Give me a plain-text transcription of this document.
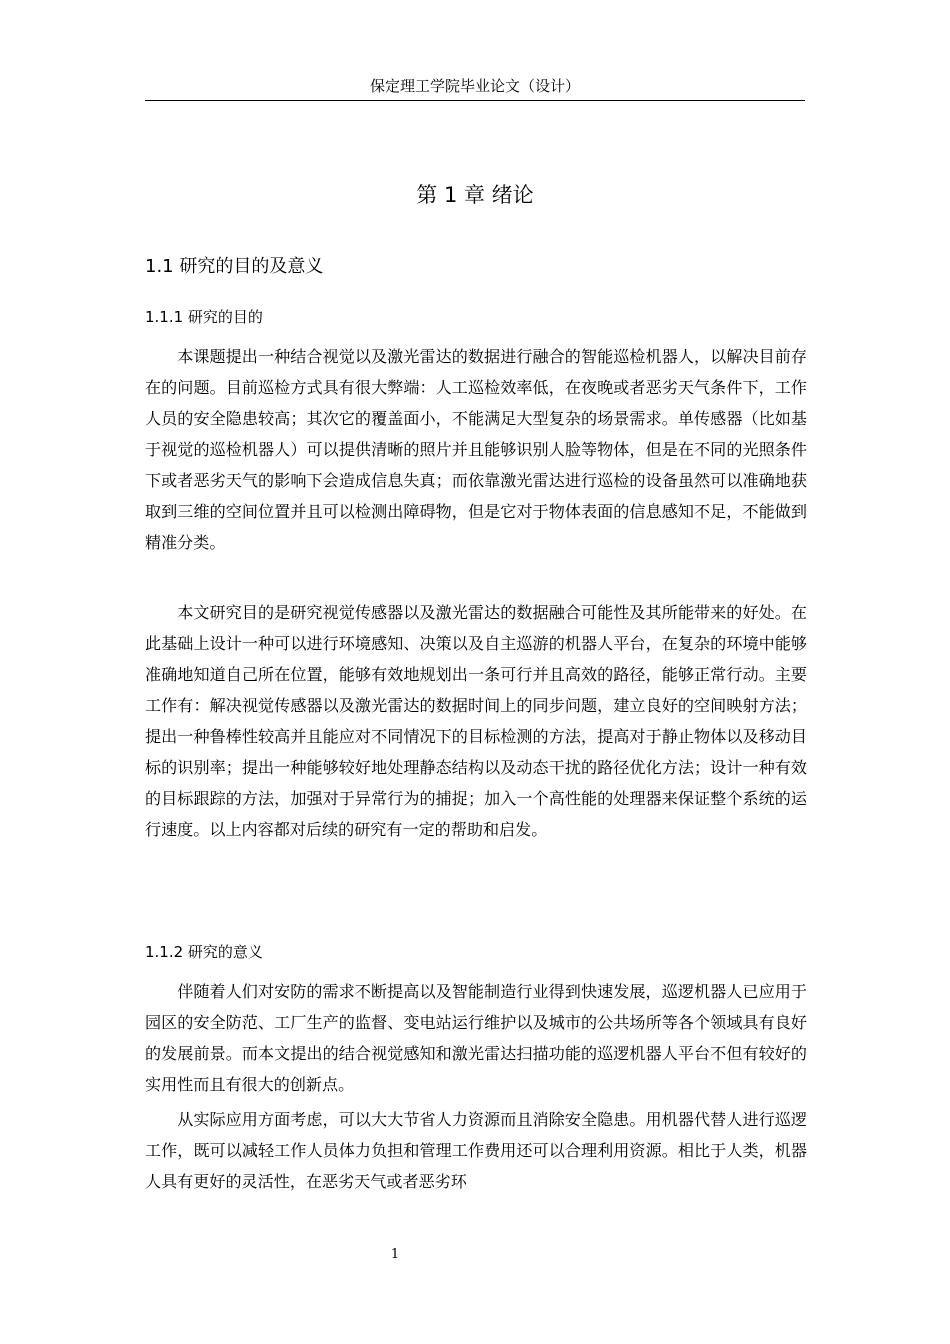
保定理工学院毕业论文（设计）
第 1 章 绪论
1.1 研究的目的及意义
1.1.1 研究的目的

本课题提出一种结合视觉以及激光雷达的数据进行融合的智能巡检机器人，以解决目前存在的问题。目前巡检方式具有很大弊端：人工巡检效率低，在夜晚或者恶劣天气条件下，工作人员的安全隐患较高；其次它的覆盖面小，不能满足大型复杂的场景需求。单传感器（比如基于视觉的巡检机器人）可以提供清晰的照片并且能够识别人脸等物体，但是在不同的光照条件下或者恶劣天气的影响下会造成信息失真；而依靠激光雷达进行巡检的设备虽然可以准确地获取到三维的空间位置并且可以检测出障碍物，但是它对于物体表面的信息感知不足，不能做到精准分类。

本文研究目的是研究视觉传感器以及激光雷达的数据融合可能性及其所能带来的好处。在此基础上设计一种可以进行环境感知、决策以及自主巡游的机器人平台，在复杂的环境中能够准确地知道自己所在位置，能够有效地规划出一条可行并且高效的路径，能够正常行动。主要工作有：解决视觉传感器以及激光雷达的数据时间上的同步问题，建立良好的空间映射方法；提出一种鲁棒性较高并且能应对不同情况下的目标检测的方法，提高对于静止物体以及移动目标的识别率；提出一种能够较好地处理静态结构以及动态干扰的路径优化方法；设计一种有效的目标跟踪的方法，加强对于异常行为的捕捉；加入一个高性能的处理器来保证整个系统的运行速度。以上内容都对后续的研究有一定的帮助和启发。

1.1.2 研究的意义

伴随着人们对安防的需求不断提高以及智能制造行业得到快速发展，巡逻机器人已应用于园区的安全防范、工厂生产的监督、变电站运行维护以及城市的公共场所等各个领域具有良好的发展前景。而本文提出的结合视觉感知和激光雷达扫描功能的巡逻机器人平台不但有较好的实用性而且有很大的创新点。

从实际应用方面考虑，可以大大节省人力资源而且消除安全隐患。用机器代替人进行巡逻工作，既可以减轻工作人员体力负担和管理工作费用还可以合理利用资源。相比于人类，机器人具有更好的灵活性，在恶劣天气或者恶劣环

1
